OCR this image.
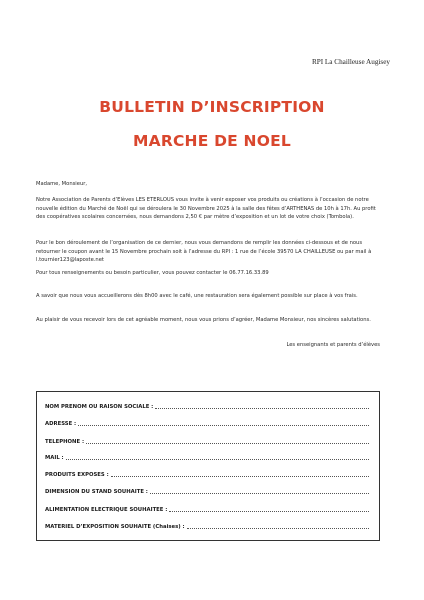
RPI La Chailleuse Augisey
BULLETIN D’INSCRIPTION
MARCHE DE NOEL
Madame, Monsieur,
Notre Association de Parents d’Elèves LES ETERLOUS vous invite à venir exposer vos produits ou créations à l’occasion de notre nouvelle édition du Marché de Noël qui se déroulera le 30 Novembre 2025 à la salle des fêtes d’ARTHENAS de 10h à 17h. Au profit des coopératives scolaires concernées, nous demandons 2,50 € par mètre d’exposition et un lot de votre choix (Tombola).
Pour le bon déroulement de l’organisation de ce dernier, nous vous demandons de remplir les données ci-dessous et de nous retourner le coupon avant le 15 Novembre prochain soit à l’adresse du RPI : 1 rue de l’école 39570 LA CHAILLEUSE ou par mail à l.tournier123@laposte.net
Pour tous renseignements ou besoin particulier, vous pouvez contacter le 06.77.16.33.89
A savoir que nous vous accueillerons dès 8h00 avec le café, une restauration sera également possible sur place à vos frais.
Au plaisir de vous recevoir lors de cet agréable moment, nous vous prions d’agréer, Madame Monsieur, nos sincères salutations.
Les enseignants et parents d’élèves
NOM PRENOM OU RAISON SOCIALE :
ADRESSE :
TELEPHONE :
MAIL :
PRODUITS EXPOSES :
DIMENSION DU STAND SOUHAITE :
ALIMENTATION ELECTRIQUE SOUHAITEE :
MATERIEL D’EXPOSITION SOUHAITE (Chaises) :
